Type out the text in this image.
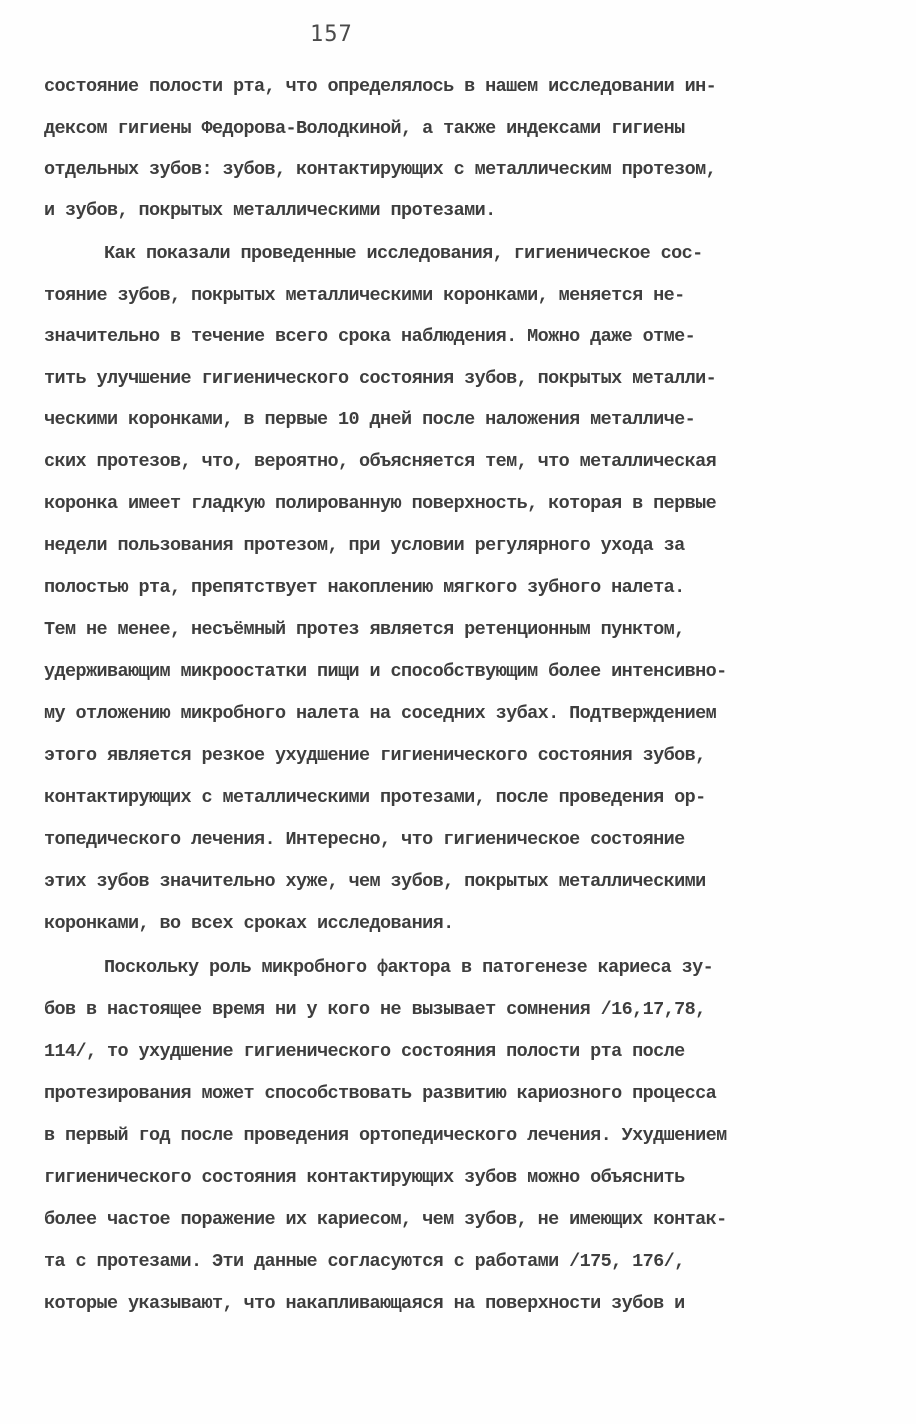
157
состояние полости рта, что определялось в нашем исследовании ин-
дексом гигиены Федорова-Володкиной, а также индексами гигиены
отдельных зубов: зубов, контактирующих с металлическим протезом,
и зубов, покрытых металлическими протезами.
Как показали проведенные исследования, гигиеническое сос-
тояние зубов, покрытых металлическими коронками, меняется не-
значительно в течение всего срока наблюдения. Можно даже отме-
тить улучшение гигиенического состояния зубов, покрытых металли-
ческими коронками, в первые 10 дней после наложения металличе-
ских протезов, что, вероятно, объясняется тем, что металлическая
коронка имеет гладкую полированную поверхность, которая в первые
недели пользования протезом, при условии регулярного ухода за
полостью рта, препятствует накоплению мягкого зубного налета.
Тем не менее, несъёмный протез является ретенционным пунктом,
удерживающим микроостатки пищи и способствующим более интенсивно-
му отложению микробного налета на соседних зубах. Подтверждением
этого является резкое ухудшение гигиенического состояния зубов,
контактирующих с металлическими протезами, после проведения ор-
топедического лечения. Интересно, что гигиеническое состояние
этих зубов значительно хуже, чем зубов, покрытых металлическими
коронками, во всех сроках исследования.
Поскольку роль микробного фактора в патогенезе кариеса зу-
бов в настоящее время ни у кого не вызывает сомнения /16,17,78,
114/, то ухудшение гигиенического состояния полости рта после
протезирования может способствовать развитию кариозного процесса
в первый год после проведения ортопедического лечения. Ухудшением
гигиенического состояния контактирующих зубов можно объяснить
более частое поражение их кариесом, чем зубов, не имеющих контак-
та с протезами. Эти данные согласуются с работами /175, 176/,
которые указывают, что накапливающаяся на поверхности зубов и
